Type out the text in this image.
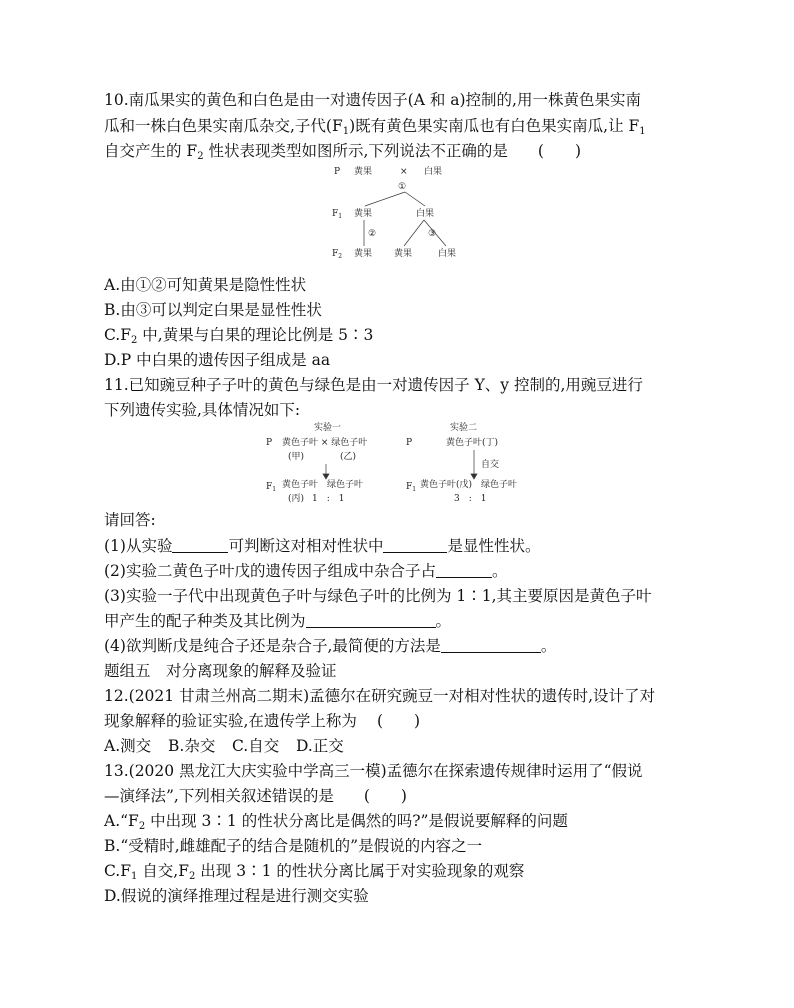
10.南瓜果实的黄色和白色是由一对遗传因子(A 和 a)控制的,用一株黄色果实南
瓜和一株白色果实南瓜杂交,子代$(F_1)$既有黄色果实南瓜也有白色果实南瓜,让 $F_1$
自交产生的 $F_2$ 性状表现类型如图所示,下列说法不正确的是 (　　)
P 黄果	× 白果
①
$F_1$ 黄果	白果
②	③
$F_2$ 黄果 黄果	白果
A.由①②可知黄果是隐性性状
B.由③可以判定白果是显性性状
$C.F_2$ 中,黄果与白果的理论比例是 5∶3
D.P 中白果的遗传因子组成是 aa
11.已知豌豆种子子叶的黄色与绿色是由一对遗传因子 Y、y 控制的,用豌豆进行
下列遗传实验,具体情况如下:
实验一	实验二
P 黄色子叶 × 绿色子叶
(甲)	(乙)
$F_1$ 黄色子叶　绿色子叶
(丙) 1　:　1
P	黄色子叶(丁)
自交
$F_1$ 黄色子叶(戊)　绿色子叶
3　:　1
请回答:
(1)从实验	可判断这对相对性状中	是显性性状。
(2)实验二黄色子叶戊的遗传因子组成中杂合子占	。
(3)实验一子代中出现黄色子叶与绿色子叶的比例为 1∶1,其主要原因是黄色子叶
甲产生的配子种类及其比例为	。
(4)欲判断戊是纯合子还是杂合子,最简便的方法是	。
题组五　对分离现象的解释及验证
12.(2021 甘肃兰州高二期末)孟德尔在研究豌豆一对相对性状的遗传时,设计了对
现象解释的验证实验,在遗传学上称为 (　　)
A.测交 B.杂交 C.自交 D.正交
13.(2020 黑龙江大庆实验中学高三一模)孟德尔在探索遗传规律时运用了“假说
—演绎法”,下列相关叙述错误的是 (　　)
$A.“F_2$ 中出现 3∶1 的性状分离比是偶然的吗?”是假说要解释的问题
B.“受精时,雌雄配子的结合是随机的”是假说的内容之一
$C.F_1$ 自交$,F_2$ 出现 3∶1 的性状分离比属于对实验现象的观察
D.假说的演绎推理过程是进行测交实验
